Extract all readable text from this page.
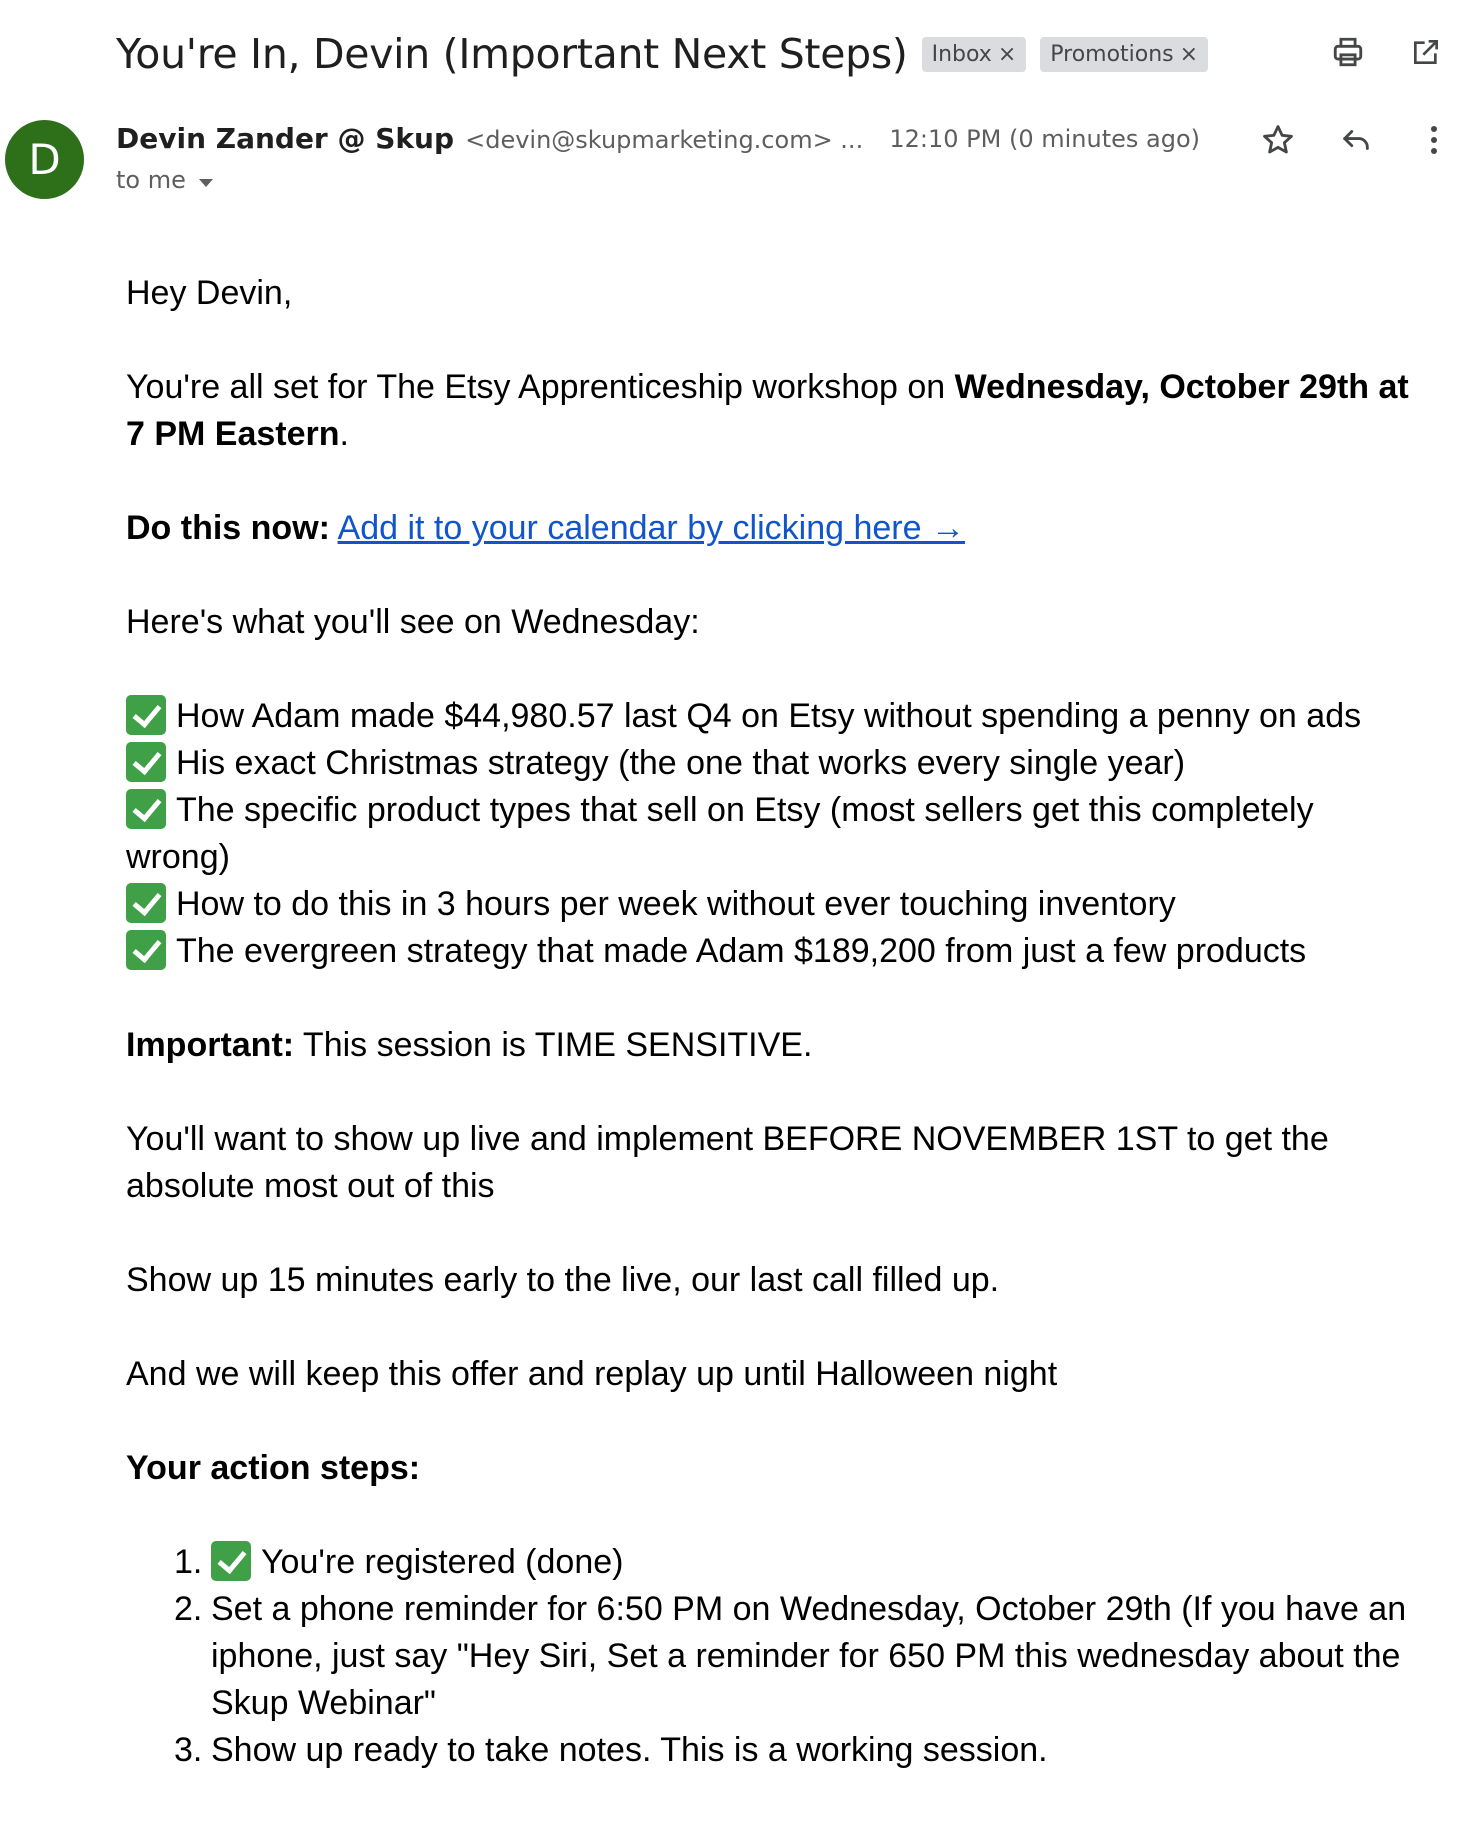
You're In, Devin (Important Next Steps) Inbox × Promotions ×
D	Devin Zander @ Skup <devin@skupmarketing.com> ...
to me
12:10 PM (0 minutes ago)

Hey Devin,

You're all set for The Etsy Apprenticeship workshop on Wednesday, October 29th at 7 PM Eastern.

Do this now: Add it to your calendar by clicking here →

Here's what you'll see on Wednesday:

How Adam made $44,980.57 last Q4 on Etsy without spending a penny on ads
His exact Christmas strategy (the one that works every single year)
The specific product types that sell on Etsy (most sellers get this completely wrong)
How to do this in 3 hours per week without ever touching inventory
The evergreen strategy that made Adam $189,200 from just a few products

Important: This session is TIME SENSITIVE.

You'll want to show up live and implement BEFORE NOVEMBER 1ST to get the absolute most out of this

Show up 15 minutes early to the live, our last call filled up.

And we will keep this offer and replay up until Halloween night

Your action steps:

1.	You're registered (done)
2. Set a phone reminder for 6:50 PM on Wednesday, October 29th (If you have an iphone, just say "Hey Siri, Set a reminder for 650 PM this wednesday about the Skup Webinar"
3. Show up ready to take notes. This is a working session.
